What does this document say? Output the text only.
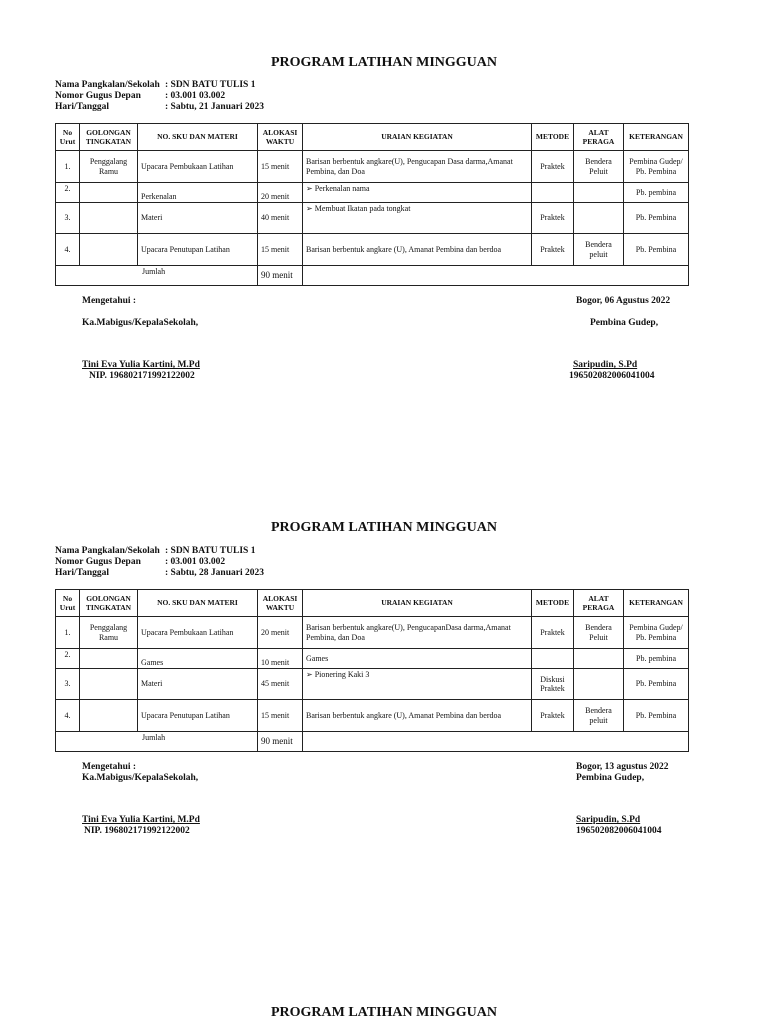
PROGRAM LATIHAN MINGGUAN
Nama Pangkalan/Sekolah : SDN BATU TULIS 1
Nomor Gugus Depan	: 03.001 03.002
Hari/Tanggal	: Sabtu, 21 Januari 2023
No Urut	GOLONGAN TINGKATAN	NO. SKU DAN MATERI	ALOKASI WAKTU	URAIAN KEGIATAN	METODE	ALAT PERAGA	KETERANGAN
1.	Penggalang Ramu	Upacara Pembukaan Latihan	15 menit	Barisan berbentuk angkare(U), Pengucapan Dasa darma,Amanat Pembina, dan Doa	Praktek	Bendera Peluit	Pembina Gudep/ Pb. Pembina
2.		Perkenalan	20 menit	➢ Perkenalan nama			Pb. pembina
3.		Materi	40 menit	➢ Membuat Ikatan pada tongkat	Praktek		Pb. Pembina
4.		Upacara Penutupan Latihan	15 menit	Barisan berbentuk angkare (U), Amanat Pembina dan berdoa	Praktek	Bendera peluit	Pb. Pembina
Jumlah			90 menit				
Mengetahui :
Ka.Mabigus/KepalaSekolah,
Tini Eva Yulia Kartini, M.Pd
NIP. 196802171992122002
Bogor, 06 Agustus 2022
Pembina Gudep,
Saripudin, S.Pd
196502082006041004
PROGRAM LATIHAN MINGGUAN
Nama Pangkalan/Sekolah : SDN BATU TULIS 1
Nomor Gugus Depan	: 03.001 03.002
Hari/Tanggal	: Sabtu, 28 Januari 2023
No Urut	GOLONGAN TINGKATAN	NO. SKU DAN MATERI	ALOKASI WAKTU	URAIAN KEGIATAN	METODE	ALAT PERAGA	KETERANGAN
1.	Penggalang Ramu	Upacara Pembukaan Latihan	20 menit	Barisan berbentuk angkare(U), PengucapanDasa darma,Amanat Pembina, dan Doa	Praktek	Bendera Peluit	Pembina Gudep/ Pb. Pembina
2.		Games	10 menit	Games			Pb. pembina
3.		Materi	45 menit	➢ Pionering Kaki 3	Diskusi Praktek		Pb. Pembina
4.		Upacara Penutupan Latihan	15 menit	Barisan berbentuk angkare (U), Amanat Pembina dan berdoa	Praktek	Bendera peluit	Pb. Pembina
Jumlah			90 menit				
Mengetahui :
Ka.Mabigus/KepalaSekolah,
Tini Eva Yulia Kartini, M.Pd
NIP. 196802171992122002
Bogor, 13 agustus 2022
Pembina Gudep,
Saripudin, S.Pd
196502082006041004
PROGRAM LATIHAN MINGGUAN
